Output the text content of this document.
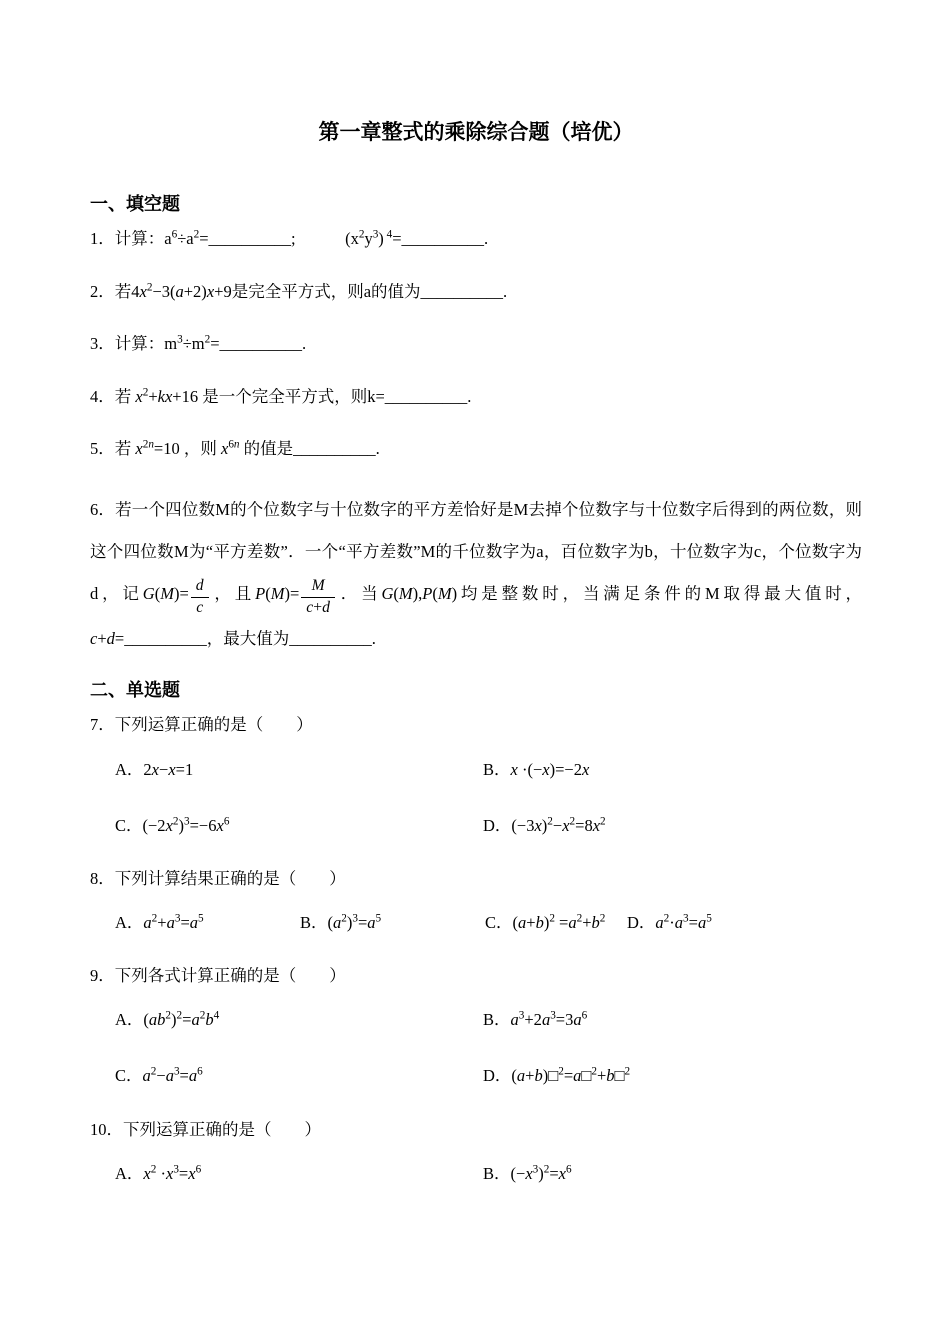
第一章整式的乘除综合题（培优）
一、填空题

1．计算：$a^6\div a^2=\_\_\_\_\_\_\_\_\_\_$;   $(x^2y^3)$ $^4$=__________.

2．若$4x^2-3(a+2)x+9$是完全平方式，则a的值为__________.

3．计算：$m^3\div m^2=\_\_\_\_\_\_\_\_\_\_$.

4．若 $x^2+kx+16$ 是一个完全平方式，则k=__________.

5．若 $x^{2n}=10$ ，则 $x^{6n}$ 的值是__________.

6．若一个四位数M的个位数字与十位数字的平方差恰好是M去掉个位数字与十位数字后得到的两位数，则这个四位数M为“平方差数”．一个“平方差数”M的千位数字为a，百位数字为b，十位数字为c，个位数字为d，记$G(M)= \frac{d}{c}$ ，且$P(M)= \frac{M}{c+d}$ ．当G(M),P(M)均是整数时，当满足条件的M取得最大值时，c+d=__________，最大值为__________.

二、单选题

7．下列运算正确的是（　　）

A．2x−x=1	B．x ·(−x)=−2x
C．$(-2x^2)^3=-6x^6$	D．$(-3x)^2-x^2=8x^2$

8．下列计算结果正确的是（　　）

A．$a^2+a^3=a^5$	B．$(a^2)^3=a^5$	C．$(a+b)^2 =a^2+b^2$	D．$a^2\cdot a^3=a^5$

9．下列各式计算正确的是（　　）

A．$(ab^2)^2=a^2b^4$	B．$a^3+2a^3=3a^6$
C．$a^2-a^3=a^6$	D．(a+b)□$^2$=a□$^2$+b□$^2$

10．下列运算正确的是（　　）

A．$x^2 \cdot x^3=x^6$	B．$(-x^3)^2=x^6$
